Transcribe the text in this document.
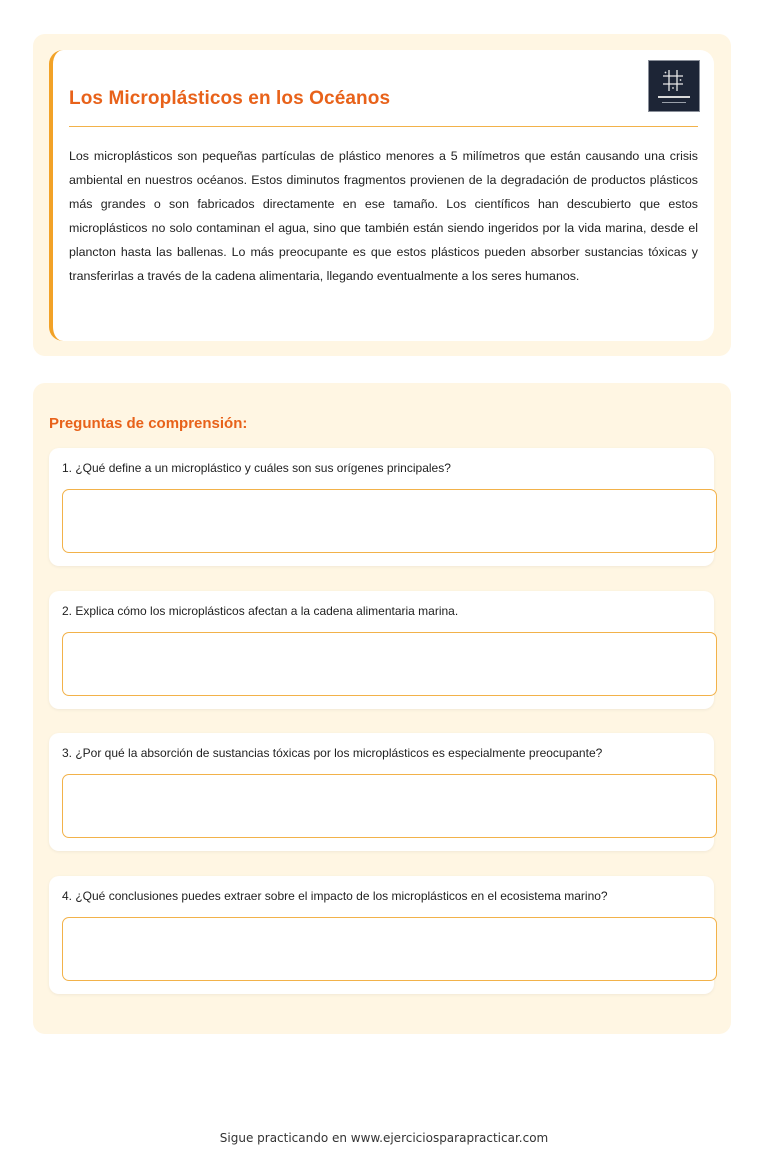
Los Microplásticos en los Océanos

Los microplásticos son pequeñas partículas de plástico menores a 5 milímetros que están causando una crisis ambiental en nuestros océanos. Estos diminutos fragmentos provienen de la degradación de productos plásticos más grandes o son fabricados directamente en ese tamaño. Los científicos han descubierto que estos microplásticos no solo contaminan el agua, sino que también están siendo ingeridos por la vida marina, desde el plancton hasta las ballenas. Lo más preocupante es que estos plásticos pueden absorber sustancias tóxicas y transferirlas a través de la cadena alimentaria, llegando eventualmente a los seres humanos.

Preguntas de comprensión:

1. ¿Qué define a un microplástico y cuáles son sus orígenes principales?

2. Explica cómo los microplásticos afectan a la cadena alimentaria marina.

3. ¿Por qué la absorción de sustancias tóxicas por los microplásticos es especialmente preocupante?

4. ¿Qué conclusiones puedes extraer sobre el impacto de los microplásticos en el ecosistema marino?

Sigue practicando en www.ejerciciosparapracticar.com
